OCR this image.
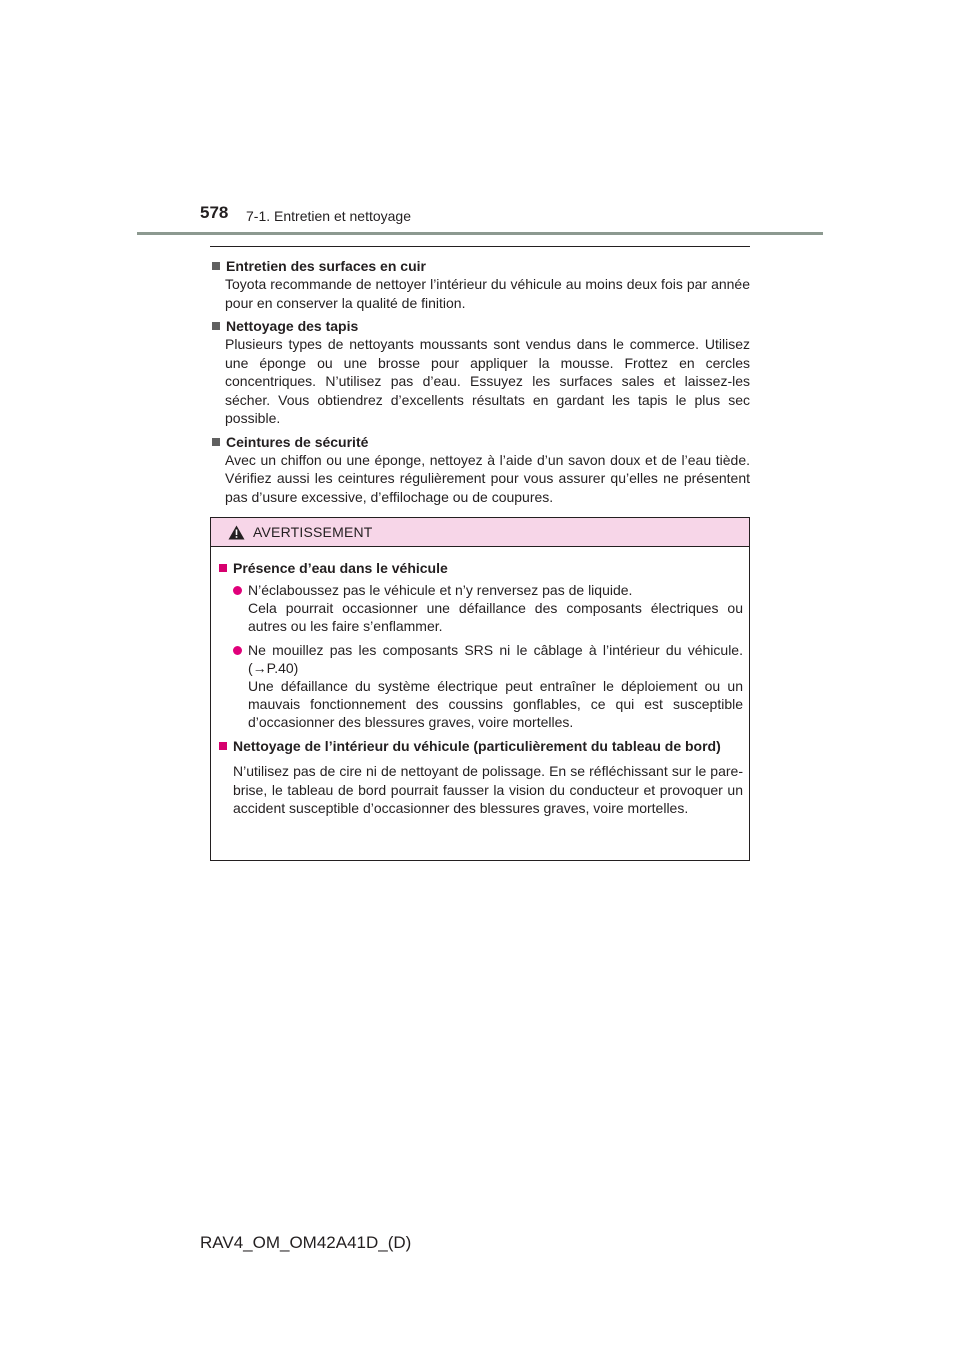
578 7-1. Entretien et nettoyage
Entretien des surfaces en cuir
Toyota recommande de nettoyer l’intérieur du véhicule au moins deux fois par année pour en conserver la qualité de finition.
Nettoyage des tapis
Plusieurs types de nettoyants moussants sont vendus dans le commerce. Utilisez une éponge ou une brosse pour appliquer la mousse. Frottez en cercles concentriques. N’utilisez pas d’eau. Essuyez les surfaces sales et laissez-les sécher. Vous obtiendrez d’excellents résultats en gardant les tapis le plus sec possible.
Ceintures de sécurité
Avec un chiffon ou une éponge, nettoyez à l’aide d’un savon doux et de l’eau tiède. Vérifiez aussi les ceintures régulièrement pour vous assurer qu’elles ne présentent pas d’usure excessive, d’effilochage ou de coupures.
AVERTISSEMENT
Présence d’eau dans le véhicule
N’éclaboussez pas le véhicule et n’y renversez pas de liquide.
Cela pourrait occasionner une défaillance des composants électriques ou autres ou les faire s’enflammer.
Ne mouillez pas les composants SRS ni le câblage à l’intérieur du véhicule. (→P.40)
Une défaillance du système électrique peut entraîner le déploiement ou un mauvais fonctionnement des coussins gonflables, ce qui est susceptible d’occasionner des blessures graves, voire mortelles.
Nettoyage de l’intérieur du véhicule (particulièrement du tableau de bord)
N’utilisez pas de cire ni de nettoyant de polissage. En se réfléchissant sur le pare-brise, le tableau de bord pourrait fausser la vision du conducteur et provoquer un accident susceptible d’occasionner des blessures graves, voire mortelles.
RAV4_OM_OM42A41D_(D)
